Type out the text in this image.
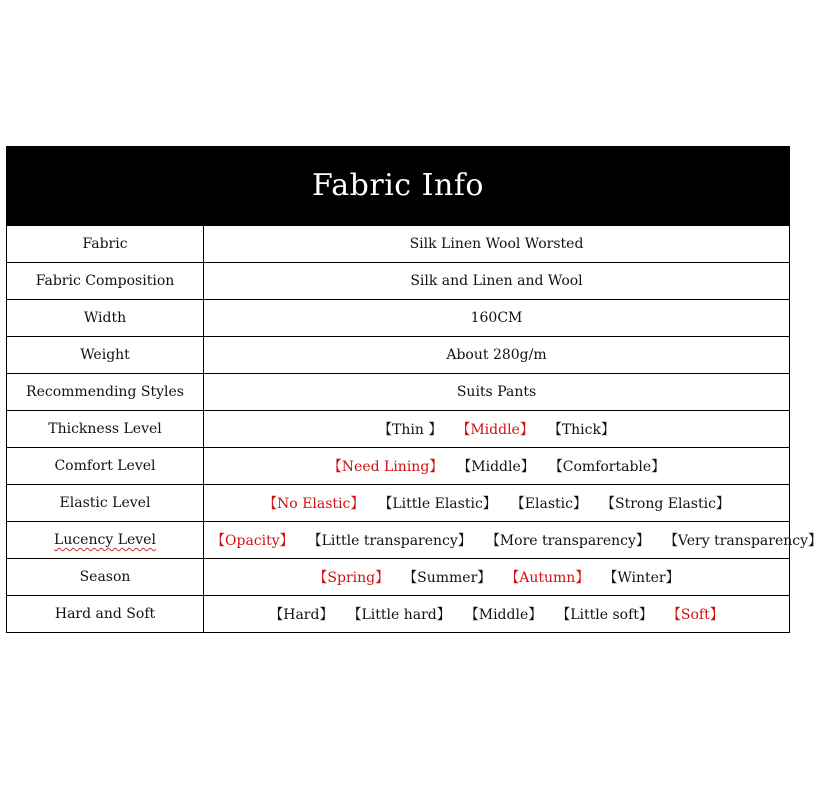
Fabric Info
Fabric	Silk Linen Wool Worsted
Fabric Composition	Silk and Linen and Wool
Width	160CM
Weight	About 280g/m
Recommending Styles	Suits Pants
Thickness Level	【Thin 】 【Middle】 【Thick】
Comfort Level	【Need Lining】 【Middle】 【Comfortable】
Elastic Level	【No Elastic】 【Little Elastic】 【Elastic】 【Strong Elastic】
Lucency Level	【Opacity】 【Little transparency】 【More transparency】 【Very transparency】
Season	【Spring】 【Summer】 【Autumn】 【Winter】
Hard and Soft	【Hard】 【Little hard】 【Middle】 【Little soft】 【Soft】
